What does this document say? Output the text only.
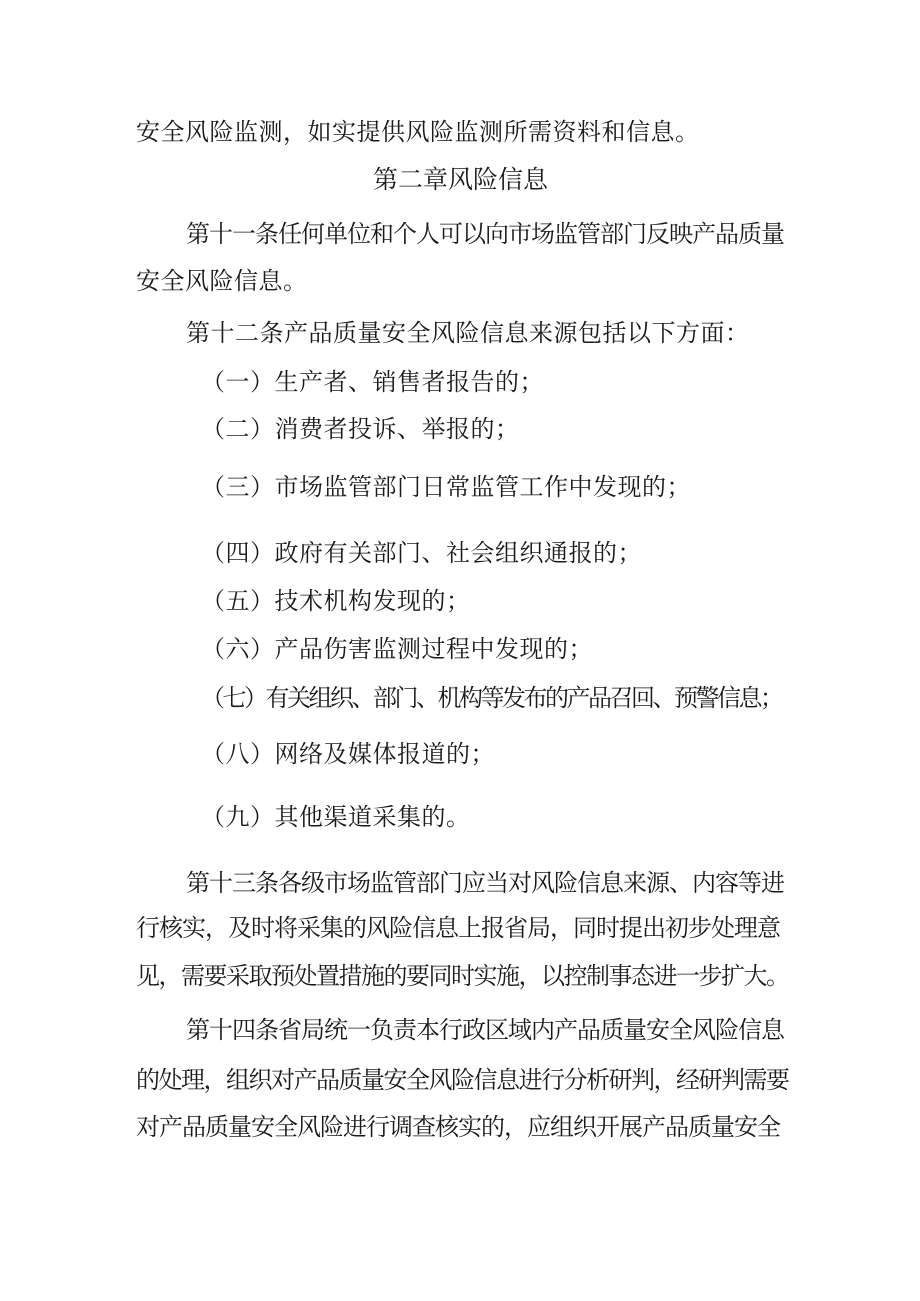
安全风险监测，如实提供风险监测所需资料和信息。

第二章风险信息

第十一条任何单位和个人可以向市场监管部门反映产品质量

安全风险信息。

第十二条产品质量安全风险信息来源包括以下方面：

（一）生产者、销售者报告的；

（二）消费者投诉、举报的；

（三）市场监管部门日常监管工作中发现的；

（四）政府有关部门、社会组织通报的；

（五）技术机构发现的；

（六）产品伤害监测过程中发现的；

（七）有关组织、部门、机构等发布的产品召回、预警信息；

（八）网络及媒体报道的；

（九）其他渠道采集的。

第十三条各级市场监管部门应当对风险信息来源、内容等进

行核实，及时将采集的风险信息上报省局，同时提出初步处理意

见，需要采取预处置措施的要同时实施，以控制事态进一步扩大。

第十四条省局统一负责本行政区域内产品质量安全风险信息

的处理，组织对产品质量安全风险信息进行分析研判，经研判需要

对产品质量安全风险进行调查核实的，应组织开展产品质量安全
